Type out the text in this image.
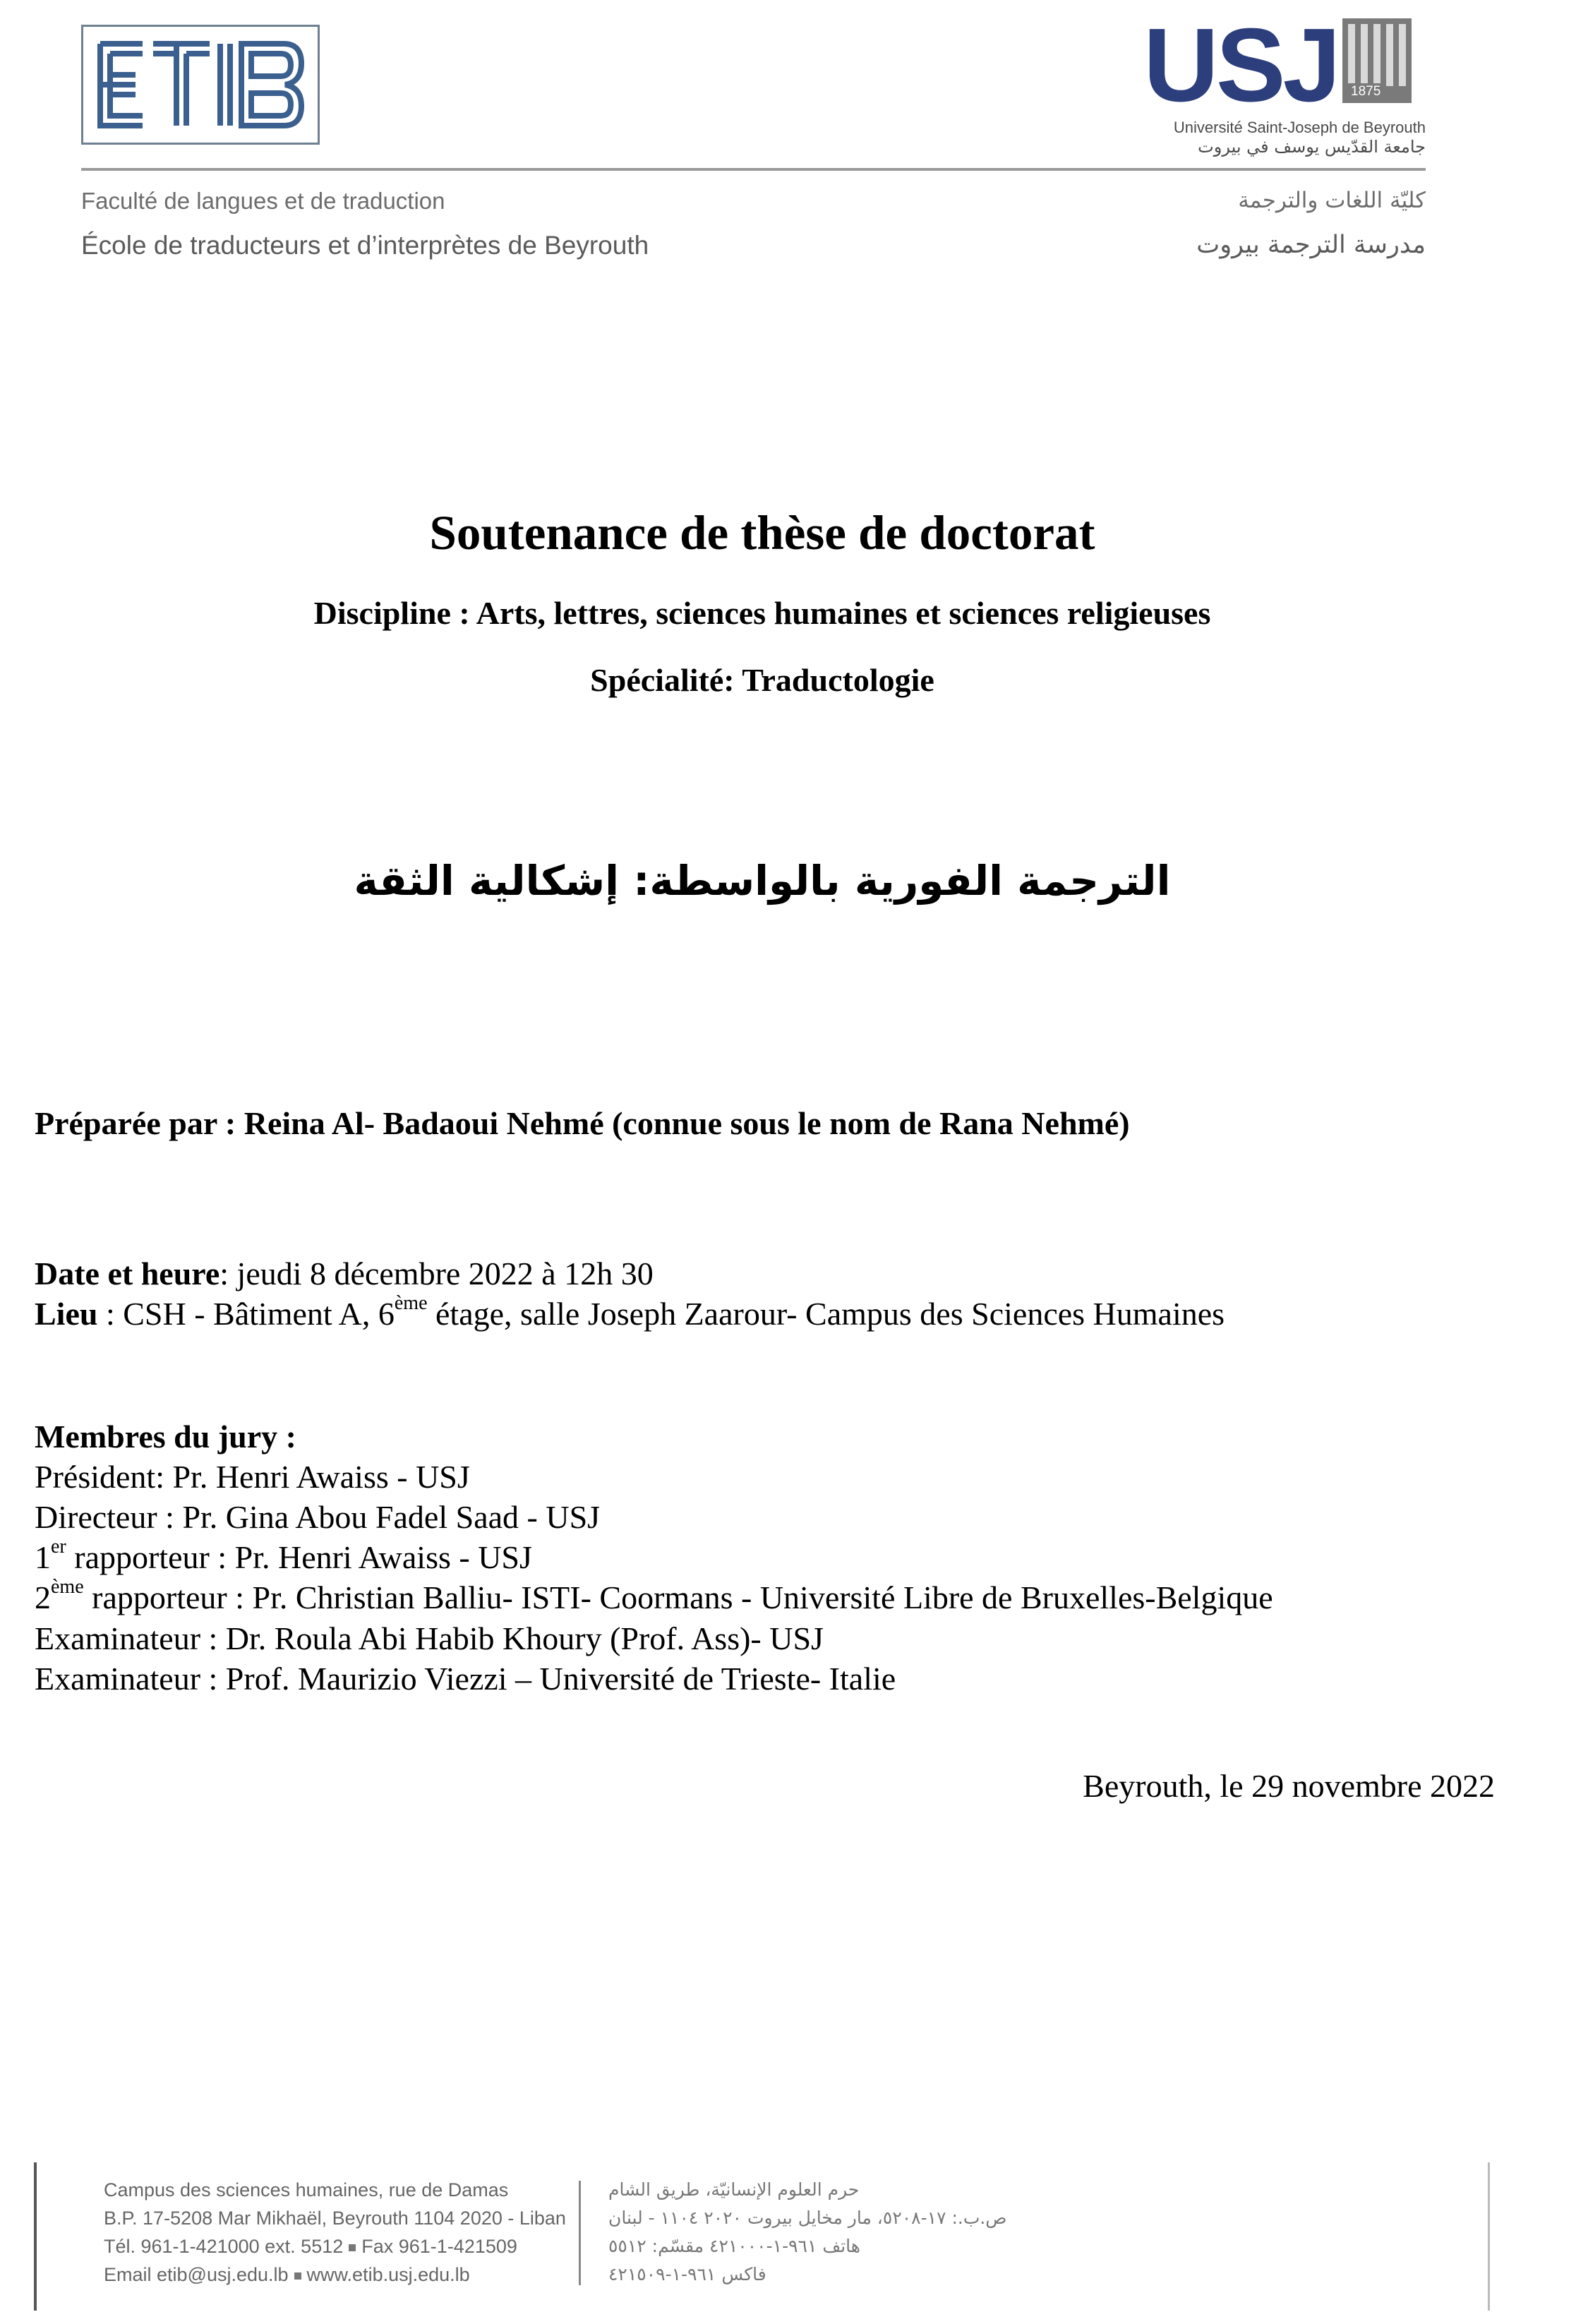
USJ 1875
Université Saint-Joseph de Beyrouth
جامعة القدّيس يوسف في بيروت
Faculté de langues et de traduction
École de traducteurs et d’interprètes de Beyrouth
كليّة اللغات والترجمة
مدرسة الترجمة بيروت
Soutenance de thèse de doctorat
Discipline : Arts, lettres, sciences humaines et sciences religieuses
Spécialité: Traductologie
الترجمة الفورية بالواسطة: إشكالية الثقة
Préparée par : Reina Al- Badaoui Nehmé (connue sous le nom de Rana Nehmé)
Date et heure: jeudi 8 décembre 2022 à 12h 30
Lieu : CSH - Bâtiment A, 6ème étage, salle Joseph Zaarour- Campus des Sciences Humaines
Membres du jury :
Président: Pr. Henri Awaiss - USJ
Directeur : Pr. Gina Abou Fadel Saad - USJ
1er rapporteur : Pr. Henri Awaiss - USJ
2ème rapporteur : Pr. Christian Balliu- ISTI- Coormans - Université Libre de Bruxelles-Belgique
Examinateur : Dr. Roula Abi Habib Khoury (Prof. Ass)- USJ
Examinateur : Prof. Maurizio Viezzi – Université de Trieste- Italie
Beyrouth, le 29 novembre 2022
Campus des sciences humaines, rue de Damas
B.P. 17-5208 Mar Mikhaël, Beyrouth 1104 2020 - Liban
Tél. 961-1-421000 ext. 5512 Fax 961-1-421509
Email etib@usj.edu.lb www.etib.usj.edu.lb
حرم العلوم الإنسانيّة، طريق الشام
ص.ب.: ١٧-٥٢٠٨، مار مخايل بيروت ٢٠٢٠ ١١٠٤ - لبنان
هاتف ٩٦١-١-٤٢١٠٠٠ مقسّم: ٥٥١٢
فاكس ٩٦١-١-٤٢١٥٠٩
